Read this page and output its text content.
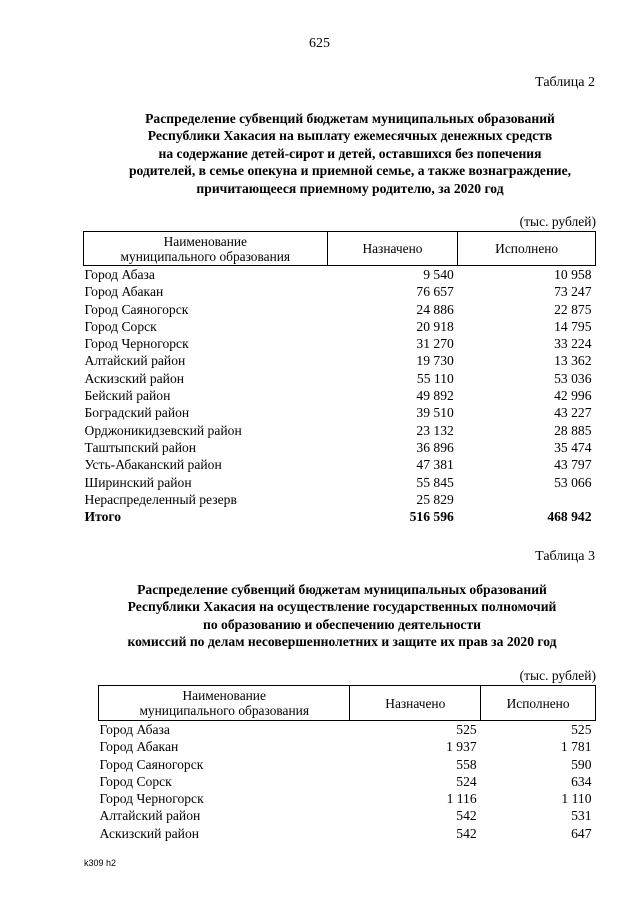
625
Таблица 2
Распределение субвенций бюджетам муниципальных образований
Республики Хакасия на выплату ежемесячных денежных средств
на содержание детей-сирот и детей, оставшихся без попечения
родителей, в семье опекуна и приемной семье, а также вознаграждение,
причитающееся приемному родителю, за 2020 год
(тыс. рублей)
Наименование
муниципального образования	Назначено	Исполнено
Город Абаза	9 540	10 958
Город Абакан	76 657	73 247
Город Саяногорск	24 886	22 875
Город Сорск	20 918	14 795
Город Черногорск	31 270	33 224
Алтайский район	19 730	13 362
Аскизский район	55 110	53 036
Бейский район	49 892	42 996
Боградский район	39 510	43 227
Орджоникидзевский район	23 132	28 885
Таштыпский район	36 896	35 474
Усть-Абаканский район	47 381	43 797
Ширинский район	55 845	53 066
Нераспределенный резерв	25 829	
Итого	516 596	468 942
Таблица 3
Распределение субвенций бюджетам муниципальных образований
Республики Хакасия на осуществление государственных полномочий
по образованию и обеспечению деятельности
комиссий по делам несовершеннолетних и защите их прав за 2020 год
(тыс. рублей)
Наименование
муниципального образования	Назначено	Исполнено
Город Абаза	525	525
Город Абакан	1 937	1 781
Город Саяногорск	558	590
Город Сорск	524	634
Город Черногорск	1 116	1 110
Алтайский район	542	531
Аскизский район	542	647
k309 h2
